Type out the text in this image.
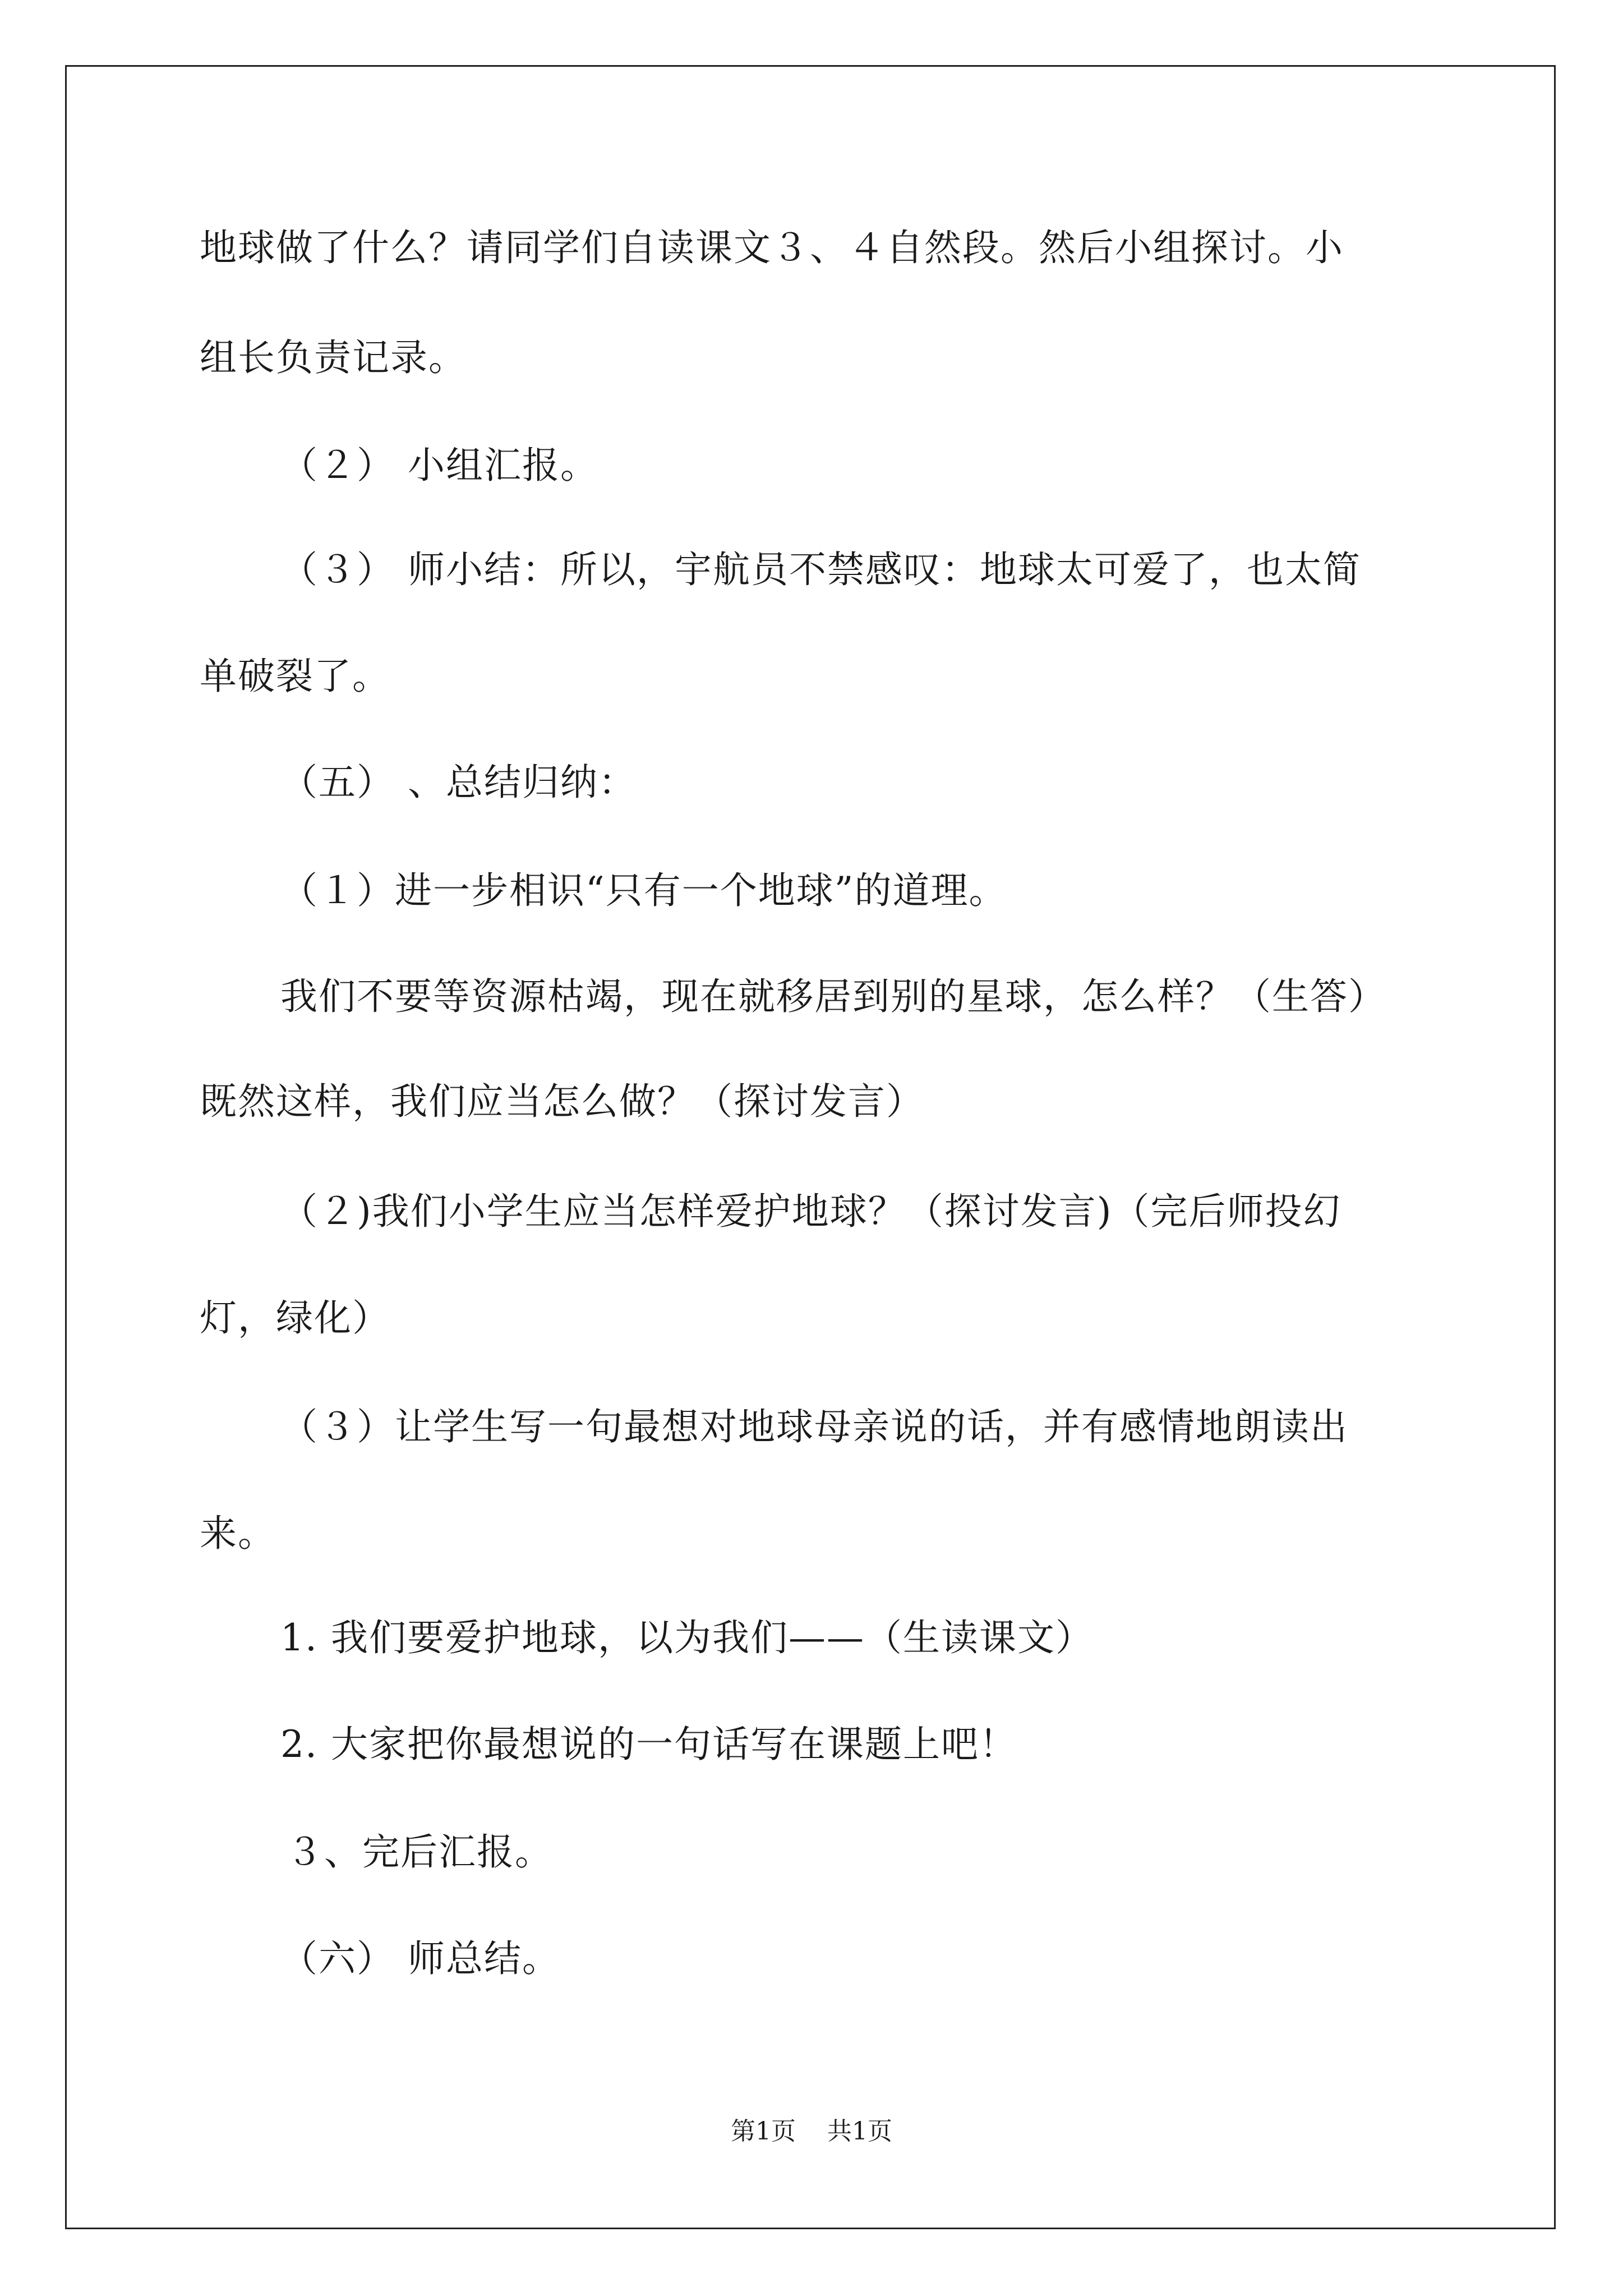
地球做了什么？请同学们自读课文３、４自然段。然后小组探讨。小
组长负责记录。
（２） 小组汇报。
（３） 师小结：所以，宇航员不禁感叹：地球太可爱了，也太简
单破裂了。
（五） 、总结归纳：
（１）进一步相识“只有一个地球”的道理。
我们不要等资源枯竭，现在就移居到别的星球，怎么样？（生答）
既然这样，我们应当怎么做？（探讨发言）
（２)我们小学生应当怎样爱护地球？（探讨发言)（完后师投幻
灯，绿化）
（３）让学生写一句最想对地球母亲说的话，并有感情地朗读出
来。
1. 我们要爱护地球，以为我们——（生读课文）
2. 大家把你最想说的一句话写在课题上吧！
３、完后汇报。
（六） 师总结。
第1页 共1页
